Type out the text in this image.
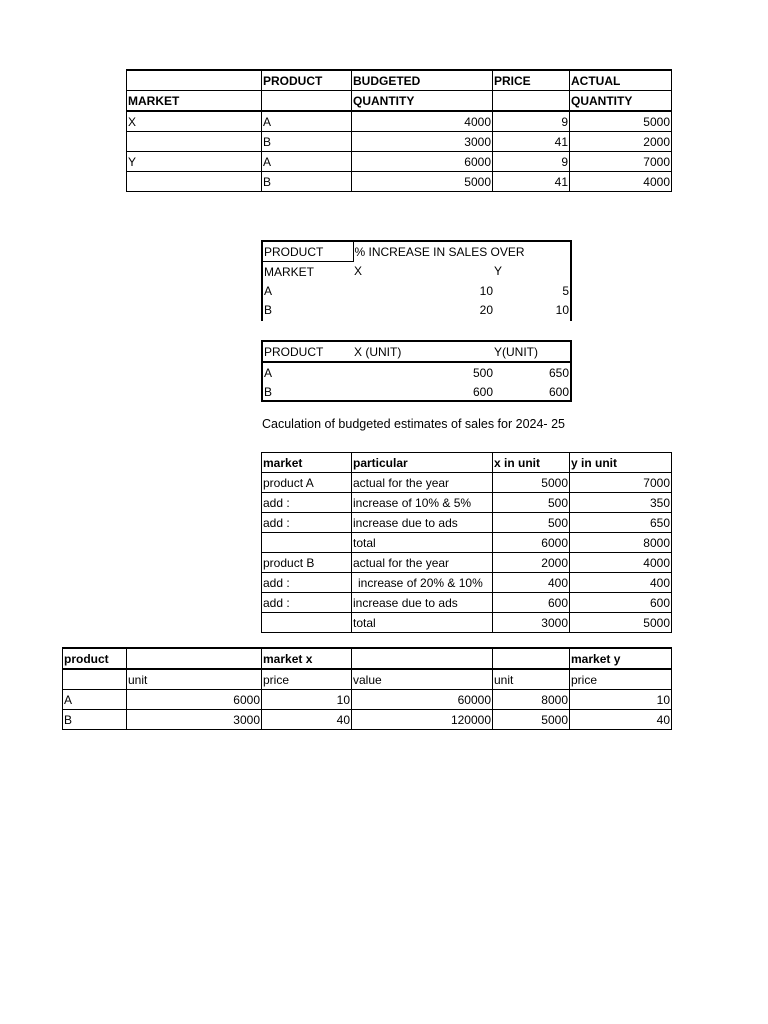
	PRODUCT	BUDGETED	PRICE	ACTUAL
MARKET		QUANTITY		QUANTITY
X	A	4000	9	5000
	B	3000	41	2000
Y	A	6000	9	7000
	B	5000	41	4000
PRODUCT	% INCREASE IN SALES OVER	
MARKET	X	Y
A	10	5
B	20	10
PRODUCT	X (UNIT)	Y(UNIT)
A	500	650
B	600	600
Caculation of budgeted estimates of sales for 2024- 25
market	particular	x in unit	y in unit
product A	actual for the year	5000	7000
add :	increase of 10% & 5%	500	350
add :	increase due to ads	500	650
	total	6000	8000
product B	actual for the year	2000	4000
add :	increase of 20% & 10%	400	400
add :	increase due to ads	600	600
	total	3000	5000
product		market x			market y
	unit	price	value	unit	price
A	6000	10	60000	8000	10
B	3000	40	120000	5000	40
